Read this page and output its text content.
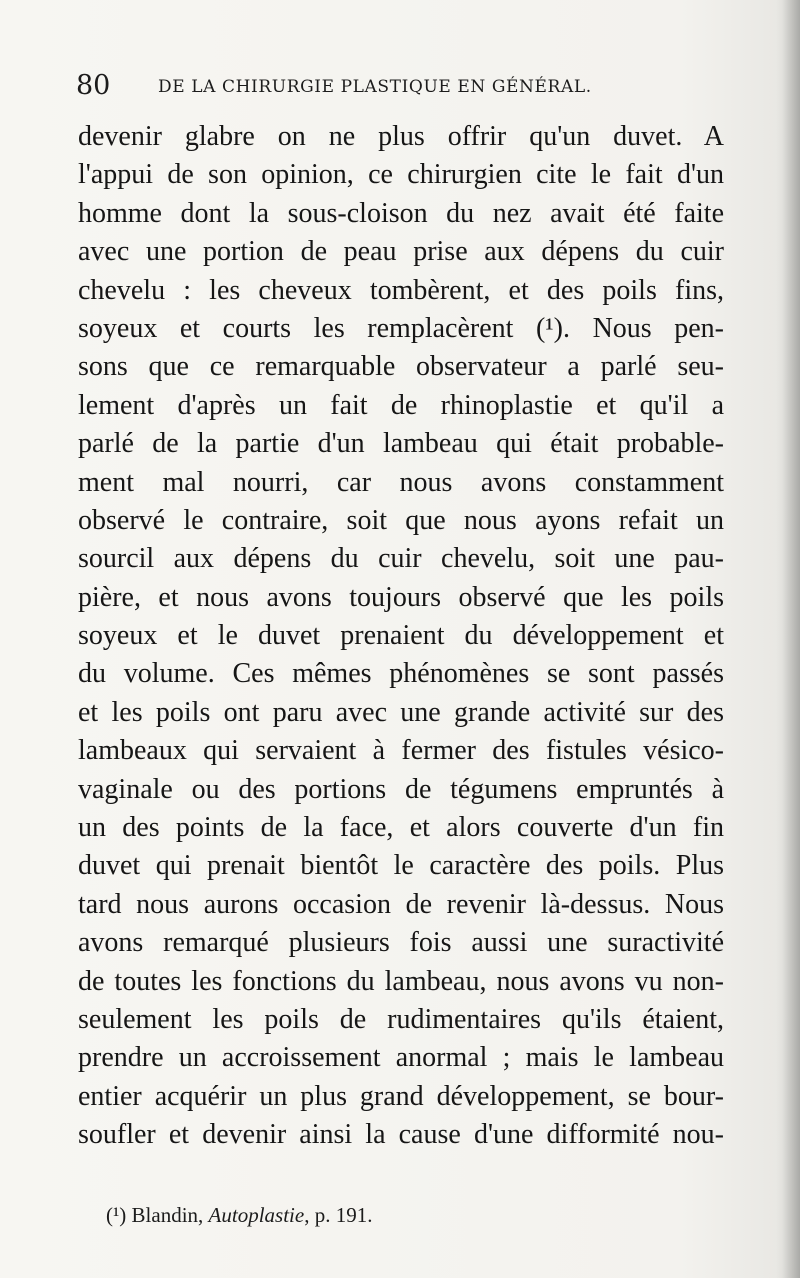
80	DE LA CHIRURGIE PLASTIQUE EN GÉNÉRAL.
devenir glabre on ne plus offrir qu'un duvet. A
l'appui de son opinion, ce chirurgien cite le fait d'un
homme dont la sous-cloison du nez avait été faite
avec une portion de peau prise aux dépens du cuir
chevelu : les cheveux tombèrent, et des poils fins,
soyeux et courts les remplacèrent (¹). Nous pen-
sons que ce remarquable observateur a parlé seu-
lement d'après un fait de rhinoplastie et qu'il a
parlé de la partie d'un lambeau qui était probable-
ment mal nourri, car nous avons constamment
observé le contraire, soit que nous ayons refait un
sourcil aux dépens du cuir chevelu, soit une pau-
pière, et nous avons toujours observé que les poils
soyeux et le duvet prenaient du développement et
du volume. Ces mêmes phénomènes se sont passés
et les poils ont paru avec une grande activité sur des
lambeaux qui servaient à fermer des fistules vésico-
vaginale ou des portions de tégumens empruntés à
un des points de la face, et alors couverte d'un fin
duvet qui prenait bientôt le caractère des poils. Plus
tard nous aurons occasion de revenir là-dessus. Nous
avons remarqué plusieurs fois aussi une suractivité
de toutes les fonctions du lambeau, nous avons vu non-
seulement les poils de rudimentaires qu'ils étaient,
prendre un accroissement anormal ; mais le lambeau
entier acquérir un plus grand développement, se bour-
soufler et devenir ainsi la cause d'une difformité nou-
(¹) Blandin, Autoplastie, p. 191.
